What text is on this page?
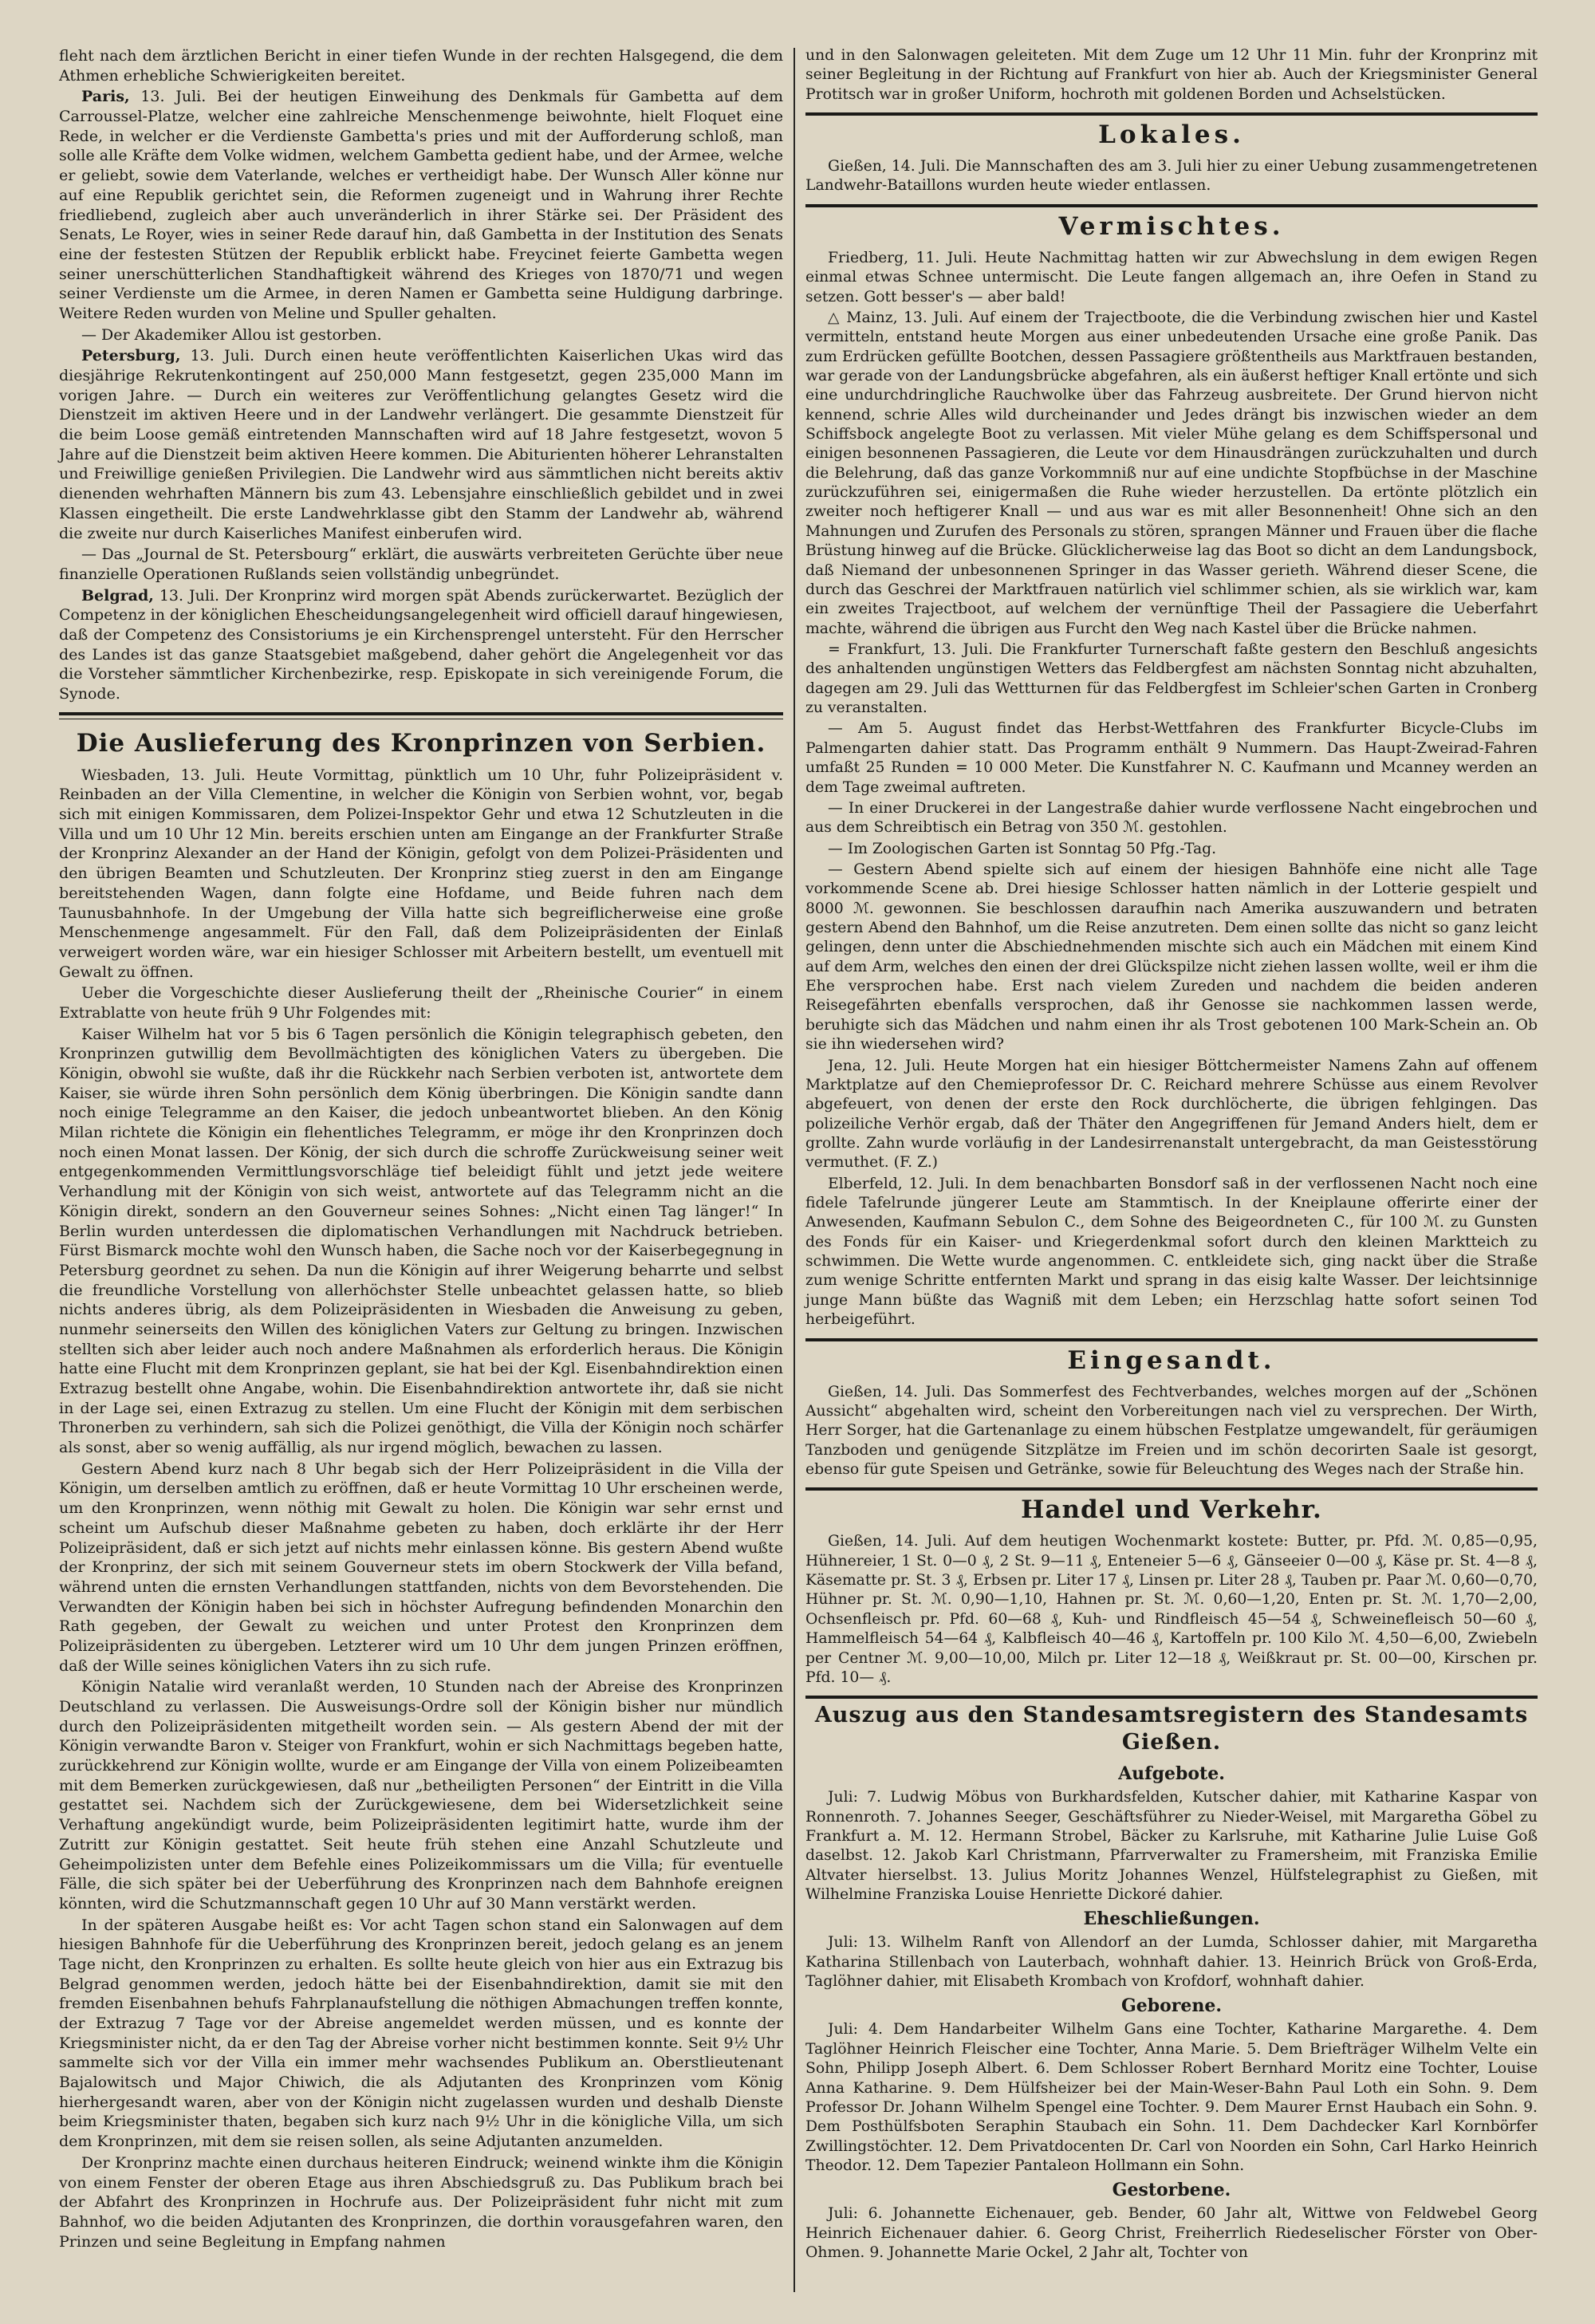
fleht nach dem ärztlichen Bericht in einer tiefen Wunde in der rechten Halsgegend, die dem Athmen erhebliche Schwierigkeiten bereitet.

Paris, 13. Juli. Bei der heutigen Einweihung des Denkmals für Gambetta auf dem Carroussel-Platze, welcher eine zahlreiche Menschenmenge beiwohnte, hielt Floquet eine Rede, in welcher er die Verdienste Gambetta's pries und mit der Aufforderung schloß, man solle alle Kräfte dem Volke widmen, welchem Gambetta gedient habe, und der Armee, welche er geliebt, sowie dem Vaterlande, welches er vertheidigt habe. Der Wunsch Aller könne nur auf eine Republik gerichtet sein, die Reformen zugeneigt und in Wahrung ihrer Rechte friedliebend, zugleich aber auch unveränderlich in ihrer Stärke sei. Der Präsident des Senats, Le Royer, wies in seiner Rede darauf hin, daß Gambetta in der Institution des Senats eine der festesten Stützen der Republik erblickt habe. Freycinet feierte Gambetta wegen seiner unerschütterlichen Standhaftigkeit während des Krieges von 1870/71 und wegen seiner Verdienste um die Armee, in deren Namen er Gambetta seine Huldigung darbringe. Weitere Reden wurden von Meline und Spuller gehalten.

— Der Akademiker Allou ist gestorben.

Petersburg, 13. Juli. Durch einen heute veröffentlichten Kaiserlichen Ukas wird das diesjährige Rekrutenkontingent auf 250,000 Mann festgesetzt, gegen 235,000 Mann im vorigen Jahre. — Durch ein weiteres zur Veröffentlichung gelangtes Gesetz wird die Dienstzeit im aktiven Heere und in der Landwehr verlängert. Die gesammte Dienstzeit für die beim Loose gemäß eintretenden Mannschaften wird auf 18 Jahre festgesetzt, wovon 5 Jahre auf die Dienstzeit beim aktiven Heere kommen. Die Abiturienten höherer Lehranstalten und Freiwillige genießen Privilegien. Die Landwehr wird aus sämmtlichen nicht bereits aktiv dienenden wehrhaften Männern bis zum 43. Lebensjahre einschließlich gebildet und in zwei Klassen eingetheilt. Die erste Landwehrklasse gibt den Stamm der Landwehr ab, während die zweite nur durch Kaiserliches Manifest einberufen wird.

— Das „Journal de St. Petersbourg“ erklärt, die auswärts verbreiteten Gerüchte über neue finanzielle Operationen Rußlands seien vollständig unbegründet.

Belgrad, 13. Juli. Der Kronprinz wird morgen spät Abends zurückerwartet. Bezüglich der Competenz in der königlichen Ehescheidungsangelegenheit wird officiell darauf hingewiesen, daß der Competenz des Consistoriums je ein Kirchensprengel untersteht. Für den Herrscher des Landes ist das ganze Staatsgebiet maßgebend, daher gehört die Angelegenheit vor das die Vorsteher sämmtlicher Kirchenbezirke, resp. Episkopate in sich vereinigende Forum, die Synode.

Die Auslieferung des Kronprinzen von Serbien.

Wiesbaden, 13. Juli. Heute Vormittag, pünktlich um 10 Uhr, fuhr Polizeipräsident v. Reinbaden an der Villa Clementine, in welcher die Königin von Serbien wohnt, vor, begab sich mit einigen Kommissaren, dem Polizei-Inspektor Gehr und etwa 12 Schutzleuten in die Villa und um 10 Uhr 12 Min. bereits erschien unten am Eingange an der Frankfurter Straße der Kronprinz Alexander an der Hand der Königin, gefolgt von dem Polizei-Präsidenten und den übrigen Beamten und Schutzleuten. Der Kronprinz stieg zuerst in den am Eingange bereitstehenden Wagen, dann folgte eine Hofdame, und Beide fuhren nach dem Taunusbahnhofe. In der Umgebung der Villa hatte sich begreiflicherweise eine große Menschenmenge angesammelt. Für den Fall, daß dem Polizeipräsidenten der Einlaß verweigert worden wäre, war ein hiesiger Schlosser mit Arbeitern bestellt, um eventuell mit Gewalt zu öffnen.

Ueber die Vorgeschichte dieser Auslieferung theilt der „Rheinische Courier“ in einem Extrablatte von heute früh 9 Uhr Folgendes mit:

Kaiser Wilhelm hat vor 5 bis 6 Tagen persönlich die Königin telegraphisch gebeten, den Kronprinzen gutwillig dem Bevollmächtigten des königlichen Vaters zu übergeben. Die Königin, obwohl sie wußte, daß ihr die Rückkehr nach Serbien verboten ist, antwortete dem Kaiser, sie würde ihren Sohn persönlich dem König überbringen. Die Königin sandte dann noch einige Telegramme an den Kaiser, die jedoch unbeantwortet blieben. An den König Milan richtete die Königin ein flehentliches Telegramm, er möge ihr den Kronprinzen doch noch einen Monat lassen. Der König, der sich durch die schroffe Zurückweisung seiner weit entgegenkommenden Vermittlungsvorschläge tief beleidigt fühlt und jetzt jede weitere Verhandlung mit der Königin von sich weist, antwortete auf das Telegramm nicht an die Königin direkt, sondern an den Gouverneur seines Sohnes: „Nicht einen Tag länger!“ In Berlin wurden unterdessen die diplomatischen Verhandlungen mit Nachdruck betrieben. Fürst Bismarck mochte wohl den Wunsch haben, die Sache noch vor der Kaiserbegegnung in Petersburg geordnet zu sehen. Da nun die Königin auf ihrer Weigerung beharrte und selbst die freundliche Vorstellung von allerhöchster Stelle unbeachtet gelassen hatte, so blieb nichts anderes übrig, als dem Polizeipräsidenten in Wiesbaden die Anweisung zu geben, nunmehr seinerseits den Willen des königlichen Vaters zur Geltung zu bringen. Inzwischen stellten sich aber leider auch noch andere Maßnahmen als erforderlich heraus. Die Königin hatte eine Flucht mit dem Kronprinzen geplant, sie hat bei der Kgl. Eisenbahndirektion einen Extrazug bestellt ohne Angabe, wohin. Die Eisenbahndirektion antwortete ihr, daß sie nicht in der Lage sei, einen Extrazug zu stellen. Um eine Flucht der Königin mit dem serbischen Thronerben zu verhindern, sah sich die Polizei genöthigt, die Villa der Königin noch schärfer als sonst, aber so wenig auffällig, als nur irgend möglich, bewachen zu lassen.

Gestern Abend kurz nach 8 Uhr begab sich der Herr Polizeipräsident in die Villa der Königin, um derselben amtlich zu eröffnen, daß er heute Vormittag 10 Uhr erscheinen werde, um den Kronprinzen, wenn nöthig mit Gewalt zu holen. Die Königin war sehr ernst und scheint um Aufschub dieser Maßnahme gebeten zu haben, doch erklärte ihr der Herr Polizeipräsident, daß er sich jetzt auf nichts mehr einlassen könne. Bis gestern Abend wußte der Kronprinz, der sich mit seinem Gouverneur stets im obern Stockwerk der Villa befand, während unten die ernsten Verhandlungen stattfanden, nichts von dem Bevorstehenden. Die Verwandten der Königin haben bei sich in höchster Aufregung befindenden Monarchin den Rath gegeben, der Gewalt zu weichen und unter Protest den Kronprinzen dem Polizeipräsidenten zu übergeben. Letzterer wird um 10 Uhr dem jungen Prinzen eröffnen, daß der Wille seines königlichen Vaters ihn zu sich rufe.

Königin Natalie wird veranlaßt werden, 10 Stunden nach der Abreise des Kronprinzen Deutschland zu verlassen. Die Ausweisungs-Ordre soll der Königin bisher nur mündlich durch den Polizeipräsidenten mitgetheilt worden sein. — Als gestern Abend der mit der Königin verwandte Baron v. Steiger von Frankfurt, wohin er sich Nachmittags begeben hatte, zurückkehrend zur Königin wollte, wurde er am Eingange der Villa von einem Polizeibeamten mit dem Bemerken zurückgewiesen, daß nur „betheiligten Personen“ der Eintritt in die Villa gestattet sei. Nachdem sich der Zurückgewiesene, dem bei Widersetzlichkeit seine Verhaftung angekündigt wurde, beim Polizeipräsidenten legitimirt hatte, wurde ihm der Zutritt zur Königin gestattet. Seit heute früh stehen eine Anzahl Schutzleute und Geheimpolizisten unter dem Befehle eines Polizeikommissars um die Villa; für eventuelle Fälle, die sich später bei der Ueberführung des Kronprinzen nach dem Bahnhofe ereignen könnten, wird die Schutzmannschaft gegen 10 Uhr auf 30 Mann verstärkt werden.

In der späteren Ausgabe heißt es: Vor acht Tagen schon stand ein Salonwagen auf dem hiesigen Bahnhofe für die Ueberführung des Kronprinzen bereit, jedoch gelang es an jenem Tage nicht, den Kronprinzen zu erhalten. Es sollte heute gleich von hier aus ein Extrazug bis Belgrad genommen werden, jedoch hätte bei der Eisenbahndirektion, damit sie mit den fremden Eisenbahnen behufs Fahrplanaufstellung die nöthigen Abmachungen treffen konnte, der Extrazug 7 Tage vor der Abreise angemeldet werden müssen, und es konnte der Kriegsminister nicht, da er den Tag der Abreise vorher nicht bestimmen konnte. Seit 9½ Uhr sammelte sich vor der Villa ein immer mehr wachsendes Publikum an. Oberstlieutenant Bajalowitsch und Major Chiwich, die als Adjutanten des Kronprinzen vom König hierhergesandt waren, aber von der Königin nicht zugelassen wurden und deshalb Dienste beim Kriegsminister thaten, begaben sich kurz nach 9½ Uhr in die königliche Villa, um sich dem Kronprinzen, mit dem sie reisen sollen, als seine Adjutanten anzumelden.

Der Kronprinz machte einen durchaus heiteren Eindruck; weinend winkte ihm die Königin von einem Fenster der oberen Etage aus ihren Abschiedsgruß zu. Das Publikum brach bei der Abfahrt des Kronprinzen in Hochrufe aus. Der Polizeipräsident fuhr nicht mit zum Bahnhof, wo die beiden Adjutanten des Kronprinzen, die dorthin vorausgefahren waren, den Prinzen und seine Begleitung in Empfang nahmen

und in den Salonwagen geleiteten. Mit dem Zuge um 12 Uhr 11 Min. fuhr der Kronprinz mit seiner Begleitung in der Richtung auf Frankfurt von hier ab. Auch der Kriegsminister General Protitsch war in großer Uniform, hochroth mit goldenen Borden und Achselstücken.

Lokales.

Gießen, 14. Juli. Die Mannschaften des am 3. Juli hier zu einer Uebung zusammengetretenen Landwehr-Bataillons wurden heute wieder entlassen.

Vermischtes.

Friedberg, 11. Juli. Heute Nachmittag hatten wir zur Abwechslung in dem ewigen Regen einmal etwas Schnee untermischt. Die Leute fangen allgemach an, ihre Oefen in Stand zu setzen. Gott besser's — aber bald!

△ Mainz, 13. Juli. Auf einem der Trajectboote, die die Verbindung zwischen hier und Kastel vermitteln, entstand heute Morgen aus einer unbedeutenden Ursache eine große Panik. Das zum Erdrücken gefüllte Bootchen, dessen Passagiere größtentheils aus Marktfrauen bestanden, war gerade von der Landungsbrücke abgefahren, als ein äußerst heftiger Knall ertönte und sich eine undurchdringliche Rauchwolke über das Fahrzeug ausbreitete. Der Grund hiervon nicht kennend, schrie Alles wild durcheinander und Jedes drängt bis inzwischen wieder an dem Schiffsbock angelegte Boot zu verlassen. Mit vieler Mühe gelang es dem Schiffspersonal und einigen besonnenen Passagieren, die Leute vor dem Hinausdrängen zurückzuhalten und durch die Belehrung, daß das ganze Vorkommniß nur auf eine undichte Stopfbüchse in der Maschine zurückzuführen sei, einigermaßen die Ruhe wieder herzustellen. Da ertönte plötzlich ein zweiter noch heftigerer Knall — und aus war es mit aller Besonnenheit! Ohne sich an den Mahnungen und Zurufen des Personals zu stören, sprangen Männer und Frauen über die flache Brüstung hinweg auf die Brücke. Glücklicherweise lag das Boot so dicht an dem Landungsbock, daß Niemand der unbesonnenen Springer in das Wasser gerieth. Während dieser Scene, die durch das Geschrei der Marktfrauen natürlich viel schlimmer schien, als sie wirklich war, kam ein zweites Trajectboot, auf welchem der vernünftige Theil der Passagiere die Ueberfahrt machte, während die übrigen aus Furcht den Weg nach Kastel über die Brücke nahmen.

= Frankfurt, 13. Juli. Die Frankfurter Turnerschaft faßte gestern den Beschluß angesichts des anhaltenden ungünstigen Wetters das Feldbergfest am nächsten Sonntag nicht abzuhalten, dagegen am 29. Juli das Wettturnen für das Feldbergfest im Schleier'schen Garten in Cronberg zu veranstalten.

— Am 5. August findet das Herbst-Wettfahren des Frankfurter Bicycle-Clubs im Palmengarten dahier statt. Das Programm enthält 9 Nummern. Das Haupt-Zweirad-Fahren umfaßt 25 Runden = 10 000 Meter. Die Kunstfahrer N. C. Kaufmann und Mcanney werden an dem Tage zweimal auftreten.

— In einer Druckerei in der Langestraße dahier wurde verflossene Nacht eingebrochen und aus dem Schreibtisch ein Betrag von 350 ℳ. gestohlen.

— Im Zoologischen Garten ist Sonntag 50 Pfg.-Tag.

— Gestern Abend spielte sich auf einem der hiesigen Bahnhöfe eine nicht alle Tage vorkommende Scene ab. Drei hiesige Schlosser hatten nämlich in der Lotterie gespielt und 8000 ℳ. gewonnen. Sie beschlossen daraufhin nach Amerika auszuwandern und betraten gestern Abend den Bahnhof, um die Reise anzutreten. Dem einen sollte das nicht so ganz leicht gelingen, denn unter die Abschiednehmenden mischte sich auch ein Mädchen mit einem Kind auf dem Arm, welches den einen der drei Glückspilze nicht ziehen lassen wollte, weil er ihm die Ehe versprochen habe. Erst nach vielem Zureden und nachdem die beiden anderen Reisegefährten ebenfalls versprochen, daß ihr Genosse sie nachkommen lassen werde, beruhigte sich das Mädchen und nahm einen ihr als Trost gebotenen 100 Mark-Schein an. Ob sie ihn wiedersehen wird?

Jena, 12. Juli. Heute Morgen hat ein hiesiger Böttchermeister Namens Zahn auf offenem Marktplatze auf den Chemieprofessor Dr. C. Reichard mehrere Schüsse aus einem Revolver abgefeuert, von denen der erste den Rock durchlöcherte, die übrigen fehlgingen. Das polizeiliche Verhör ergab, daß der Thäter den Angegriffenen für Jemand Anders hielt, dem er grollte. Zahn wurde vorläufig in der Landesirrenanstalt untergebracht, da man Geistesstörung vermuthet. (F. Z.)

Elberfeld, 12. Juli. In dem benachbarten Bonsdorf saß in der verflossenen Nacht noch eine fidele Tafelrunde jüngerer Leute am Stammtisch. In der Kneiplaune offerirte einer der Anwesenden, Kaufmann Sebulon C., dem Sohne des Beigeordneten C., für 100 ℳ. zu Gunsten des Fonds für ein Kaiser- und Kriegerdenkmal sofort durch den kleinen Marktteich zu schwimmen. Die Wette wurde angenommen. C. entkleidete sich, ging nackt über die Straße zum wenige Schritte entfernten Markt und sprang in das eisig kalte Wasser. Der leichtsinnige junge Mann büßte das Wagniß mit dem Leben; ein Herzschlag hatte sofort seinen Tod herbeigeführt.

Eingesandt.

Gießen, 14. Juli. Das Sommerfest des Fechtverbandes, welches morgen auf der „Schönen Aussicht“ abgehalten wird, scheint den Vorbereitungen nach viel zu versprechen. Der Wirth, Herr Sorger, hat die Gartenanlage zu einem hübschen Festplatze umgewandelt, für geräumigen Tanzboden und genügende Sitzplätze im Freien und im schön decorirten Saale ist gesorgt, ebenso für gute Speisen und Getränke, sowie für Beleuchtung des Weges nach der Straße hin.

Handel und Verkehr.

Gießen, 14. Juli. Auf dem heutigen Wochenmarkt kostete: Butter, pr. Pfd. ℳ. 0,85—0,95, Hühnereier, 1 St. 0—0 ₰, 2 St. 9—11 ₰, Enteneier 5—6 ₰, Gänseeier 0—00 ₰, Käse pr. St. 4—8 ₰, Käsematte pr. St. 3 ₰, Erbsen pr. Liter 17 ₰, Linsen pr. Liter 28 ₰, Tauben pr. Paar ℳ. 0,60—0,70, Hühner pr. St. ℳ. 0,90—1,10, Hahnen pr. St. ℳ. 0,60—1,20, Enten pr. St. ℳ. 1,70—2,00, Ochsenfleisch pr. Pfd. 60—68 ₰, Kuh- und Rindfleisch 45—54 ₰, Schweinefleisch 50—60 ₰, Hammelfleisch 54—64 ₰, Kalbfleisch 40—46 ₰, Kartoffeln pr. 100 Kilo ℳ. 4,50—6,00, Zwiebeln per Centner ℳ. 9,00—10,00, Milch pr. Liter 12—18 ₰, Weißkraut pr. St. 00—00, Kirschen pr. Pfd. 10— ₰.

Auszug aus den Standesamtsregistern des Standesamts Gießen.
Aufgebote.

Juli: 7. Ludwig Möbus von Burkhardsfelden, Kutscher dahier, mit Katharine Kaspar von Ronnenroth. 7. Johannes Seeger, Geschäftsführer zu Nieder-Weisel, mit Margaretha Göbel zu Frankfurt a. M. 12. Hermann Strobel, Bäcker zu Karlsruhe, mit Katharine Julie Luise Goß daselbst. 12. Jakob Karl Christmann, Pfarrverwalter zu Framersheim, mit Franziska Emilie Altvater hierselbst. 13. Julius Moritz Johannes Wenzel, Hülfstelegraphist zu Gießen, mit Wilhelmine Franziska Louise Henriette Dickoré dahier.

Eheschließungen.

Juli: 13. Wilhelm Ranft von Allendorf an der Lumda, Schlosser dahier, mit Margaretha Katharina Stillenbach von Lauterbach, wohnhaft dahier. 13. Heinrich Brück von Groß-Erda, Taglöhner dahier, mit Elisabeth Krombach von Krofdorf, wohnhaft dahier.

Geborene.

Juli: 4. Dem Handarbeiter Wilhelm Gans eine Tochter, Katharine Margarethe. 4. Dem Taglöhner Heinrich Fleischer eine Tochter, Anna Marie. 5. Dem Briefträger Wilhelm Velte ein Sohn, Philipp Joseph Albert. 6. Dem Schlosser Robert Bernhard Moritz eine Tochter, Louise Anna Katharine. 9. Dem Hülfsheizer bei der Main-Weser-Bahn Paul Loth ein Sohn. 9. Dem Professor Dr. Johann Wilhelm Spengel eine Tochter. 9. Dem Maurer Ernst Haubach ein Sohn. 9. Dem Posthülfsboten Seraphin Staubach ein Sohn. 11. Dem Dachdecker Karl Kornbörfer Zwillingstöchter. 12. Dem Privatdocenten Dr. Carl von Noorden ein Sohn, Carl Harko Heinrich Theodor. 12. Dem Tapezier Pantaleon Hollmann ein Sohn.

Gestorbene.

Juli: 6. Johannette Eichenauer, geb. Bender, 60 Jahr alt, Wittwe von Feldwebel Georg Heinrich Eichenauer dahier. 6. Georg Christ, Freiherrlich Riedeselischer Förster von Ober-Ohmen. 9. Johannette Marie Ockel, 2 Jahr alt, Tochter von
